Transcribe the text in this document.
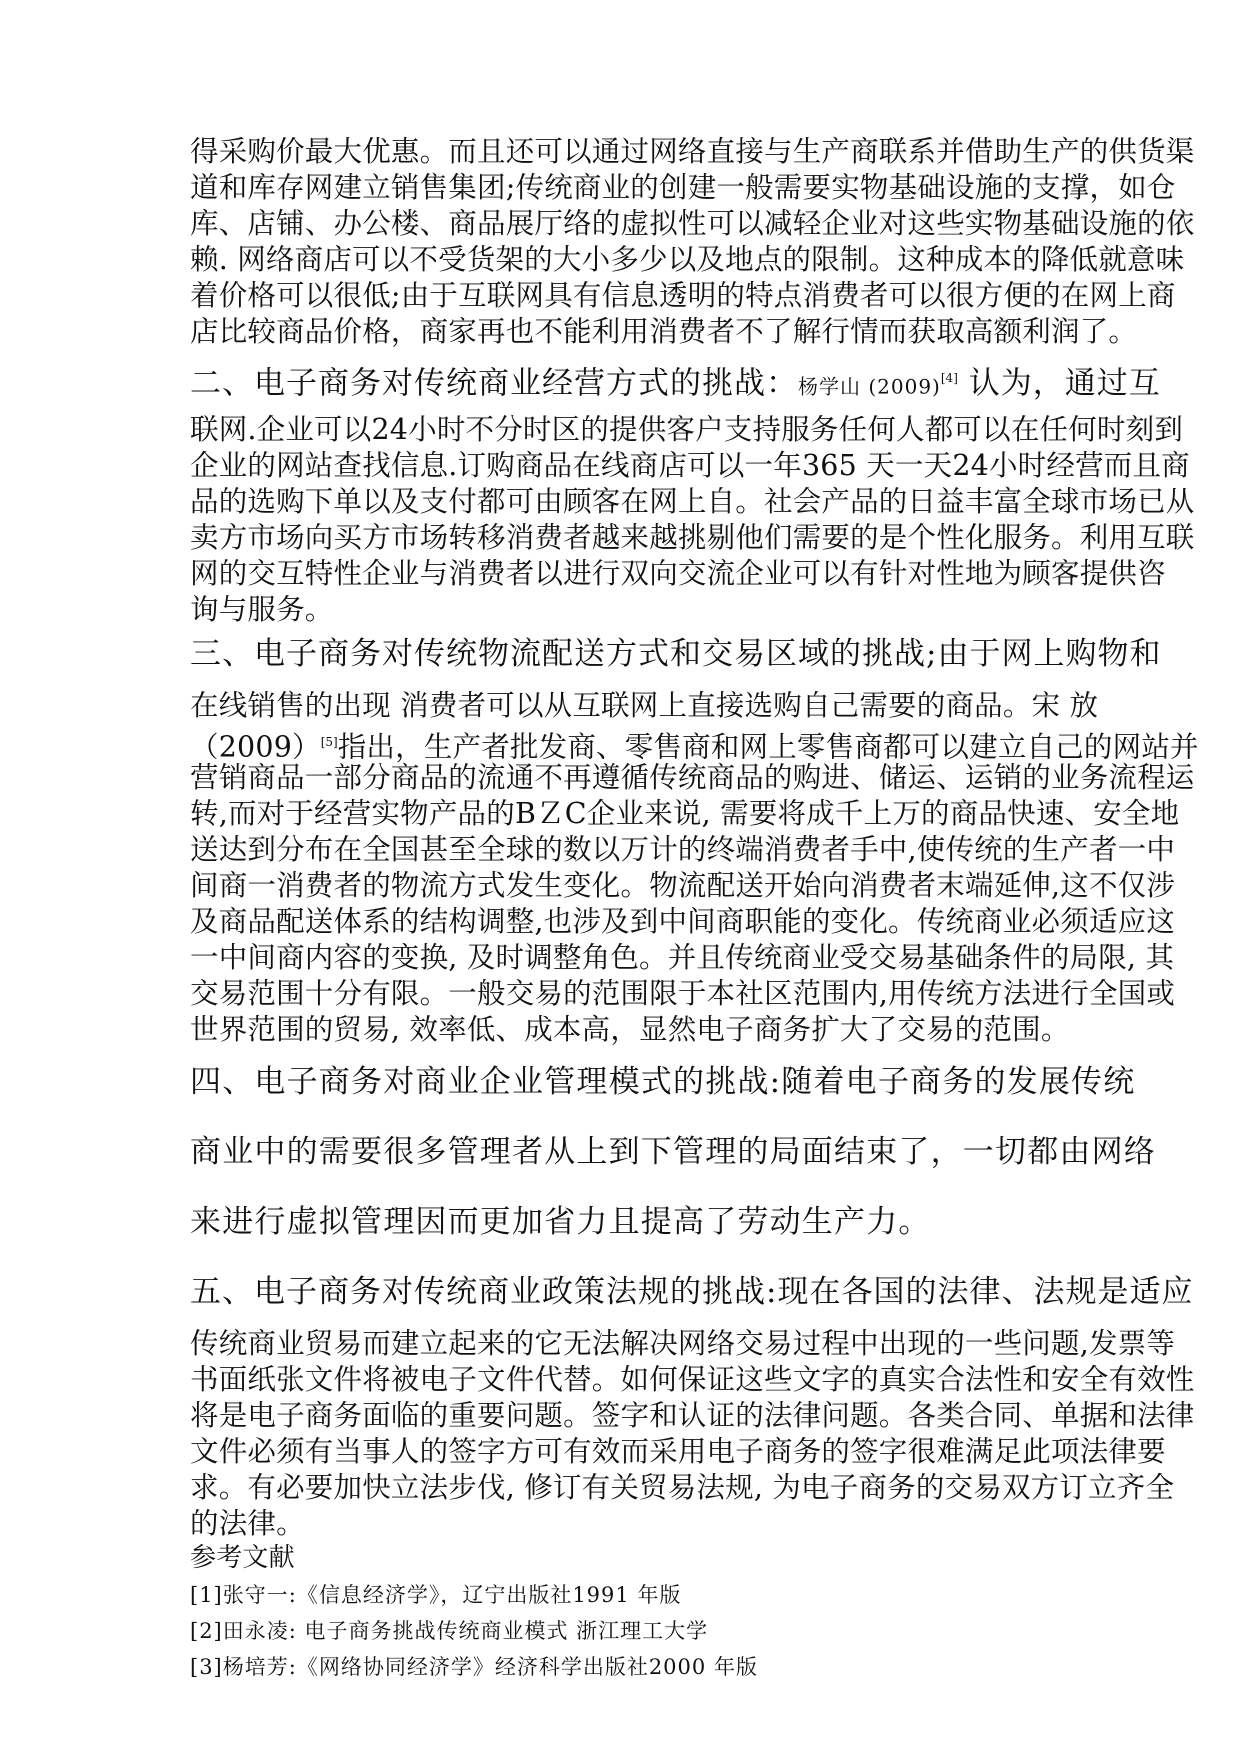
得采购价最大优惠。而且还可以通过网络直接与生产商联系并借助生产的供货渠

道和库存网建立销售集团;传统商业的创建一般需要实物基础设施的支撑，如仓

库、店铺、办公楼、商品展厅络的虚拟性可以减轻企业对这些实物基础设施的依

赖. 网络商店可以不受货架的大小多少以及地点的限制。这种成本的降低就意味

着价格可以很低;由于互联网具有信息透明的特点消费者可以很方便的在网上商

店比较商品价格，商家再也不能利用消费者不了解行情而获取高额利润了。

二、电子商务对传统商业经营方式的挑战：杨学山 (2009)[4] 认为，通过互

联网.企业可以24小时不分时区的提供客户支持服务任何人都可以在任何时刻到

企业的网站查找信息.订购商品在线商店可以一年365 天一天24小时经营而且商

品的选购下单以及支付都可由顾客在网上自。社会产品的日益丰富全球市场已从

卖方市场向买方市场转移消费者越来越挑剔他们需要的是个性化服务。利用互联

网的交互特性企业与消费者以进行双向交流企业可以有针对性地为顾客提供咨

询与服务。

三、电子商务对传统物流配送方式和交易区域的挑战;由于网上购物和

在线销售的出现 消费者可以从互联网上直接选购自己需要的商品。宋 放

（2009）[5]指出，生产者批发商、零售商和网上零售商都可以建立自己的网站并

营销商品一部分商品的流通不再遵循传统商品的购进、储运、运销的业务流程运

转,而对于经营实物产品的BＺC企业来说, 需要将成千上万的商品快速、安全地

送达到分布在全国甚至全球的数以万计的终端消费者手中,使传统的生产者一中

间商一消费者的物流方式发生变化。物流配送开始向消费者末端延伸,这不仅涉

及商品配送体系的结构调整,也涉及到中间商职能的变化。传统商业必须适应这

一中间商内容的变换, 及时调整角色。并且传统商业受交易基础条件的局限, 其

交易范围十分有限。一般交易的范围限于本社区范围内,用传统方法进行全国或

世界范围的贸易, 效率低、成本高，显然电子商务扩大了交易的范围。

四、电子商务对商业企业管理模式的挑战:随着电子商务的发展传统

商业中的需要很多管理者从上到下管理的局面结束了，一切都由网络

来进行虚拟管理因而更加省力且提高了劳动生产力。

五、电子商务对传统商业政策法规的挑战:现在各国的法律、法规是适应

传统商业贸易而建立起来的它无法解决网络交易过程中出现的一些问题,发票等

书面纸张文件将被电子文件代替。如何保证这些文字的真实合法性和安全有效性

将是电子商务面临的重要问题。签字和认证的法律问题。各类合同、单据和法律

文件必须有当事人的签字方可有效而采用电子商务的签字很难满足此项法律要

求。有必要加快立法步伐, 修订有关贸易法规, 为电子商务的交易双方订立齐全

的法律。

参考文献

[1]张守一:《信息经济学》，辽宁出版社1991 年版

[2]田永凌: 电子商务挑战传统商业模式 浙江理工大学

[3]杨培芳:《网络协同经济学》经济科学出版社2000 年版
